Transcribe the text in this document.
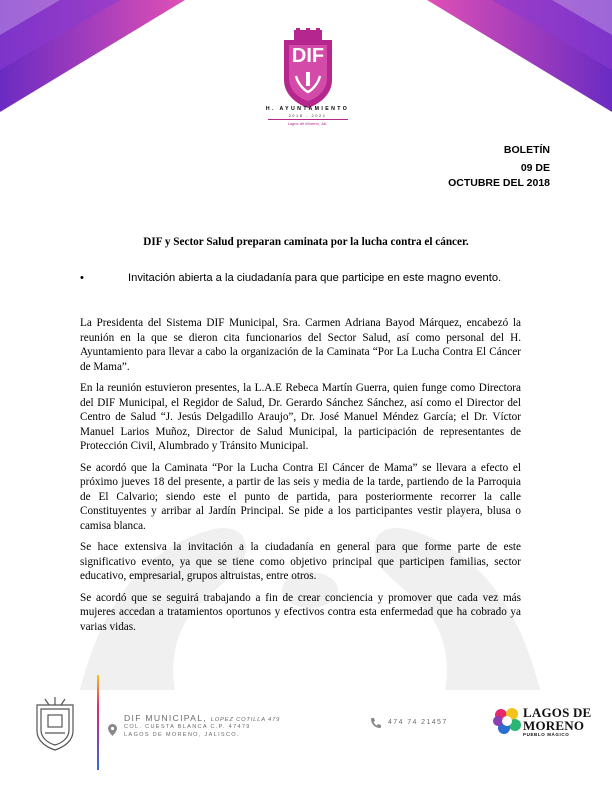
DIF
H. AYUNTAMIENTO
2018 - 2021
Lagos de Moreno, Jal.
BOLETÍN
09 DE
OCTUBRE DEL 2018
DIF y Sector Salud preparan caminata por la lucha contra el cáncer.
•	Invitación abierta a la ciudadanía para que participe en este magno evento.

La Presidenta del Sistema DIF Municipal, Sra. Carmen Adriana Bayod Márquez, encabezó la reunión en la que se dieron cita funcionarios del Sector Salud, así como personal del H. Ayuntamiento para llevar a cabo la organización de la Caminata “Por La Lucha Contra El Cáncer de Mama”.

En la reunión estuvieron presentes, la L.A.E Rebeca Martín Guerra, quien funge como Directora del DIF Municipal, el Regidor de Salud, Dr. Gerardo Sánchez Sánchez, así como el Director del Centro de Salud “J. Jesús Delgadillo Araujo”, Dr. José Manuel Méndez García; el Dr. Víctor Manuel Larios Muñoz, Director de Salud Municipal, la participación de representantes de Protección Civil, Alumbrado y Tránsito Municipal.

Se acordó que la Caminata “Por la Lucha Contra El Cáncer de Mama” se llevara a efecto el próximo jueves 18 del presente, a partir de las seis y media de la tarde, partiendo de la Parroquia de El Calvario; siendo este el punto de partida, para posteriormente recorrer la calle Constituyentes y arribar al Jardín Principal. Se pide a los participantes vestir playera, blusa o camisa blanca.

Se hace extensiva la invitación a la ciudadanía en general para que forme parte de este significativo evento, ya que se tiene como objetivo principal que participen familias, sector educativo, empresarial, grupos altruistas, entre otros.

Se acordó que se seguirá trabajando a fin de crear conciencia y promover que cada vez más mujeres accedan a tratamientos oportunos y efectivos contra esta enfermedad que ha cobrado ya varias vidas.

DIF MUNICIPAL, LOPEZ COTILLA 479
COL. CUESTA BLANCA C.P. 47479
LAGOS DE MORENO, JALISCO.
474 74 21457
LAGOS DE
MORENO
PUEBLO MÁGICO
